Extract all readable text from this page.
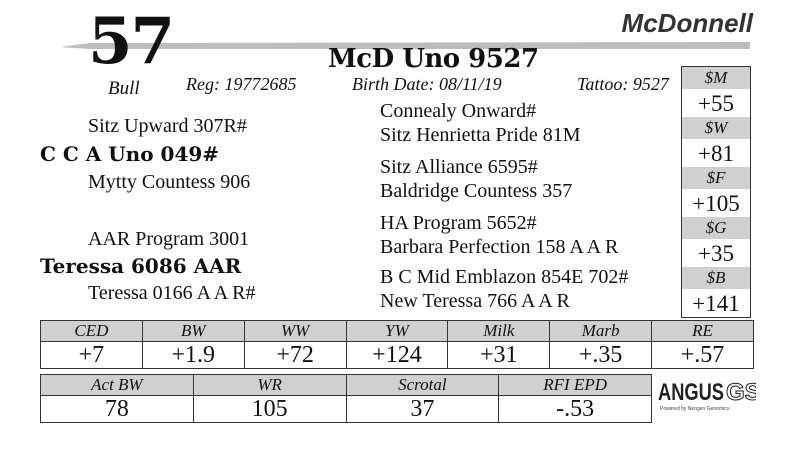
57	McDonnell
McD Uno 9527
Bull	Reg: 19772685	Birth Date: 08/11/19	Tattoo: 9527
Sitz Upward 307R#
C C A Uno 049#
Mytty Countess 906
AAR Program 3001
Teressa 6086 AAR
Teressa 0166 A A R#
Connealy Onward#
Sitz Henrietta Pride 81M
Sitz Alliance 6595#
Baldridge Countess 357
HA Program 5652#
Barbara Perfection 158 A A R
B C Mid Emblazon 854E 702#
New Teressa 766 A A R
$M
+55
$W
+81
$F
+105
$G
+35
$B
+141
CED	BW	WW	YW	Milk	Marb	RE
+7	+1.9	+72	+124	+31	+.35	+.57
Act BW	WR	Scrotal	RFI EPD
78	105	37	-.53
ANGUS GS
Powered by Neogen Genomics
